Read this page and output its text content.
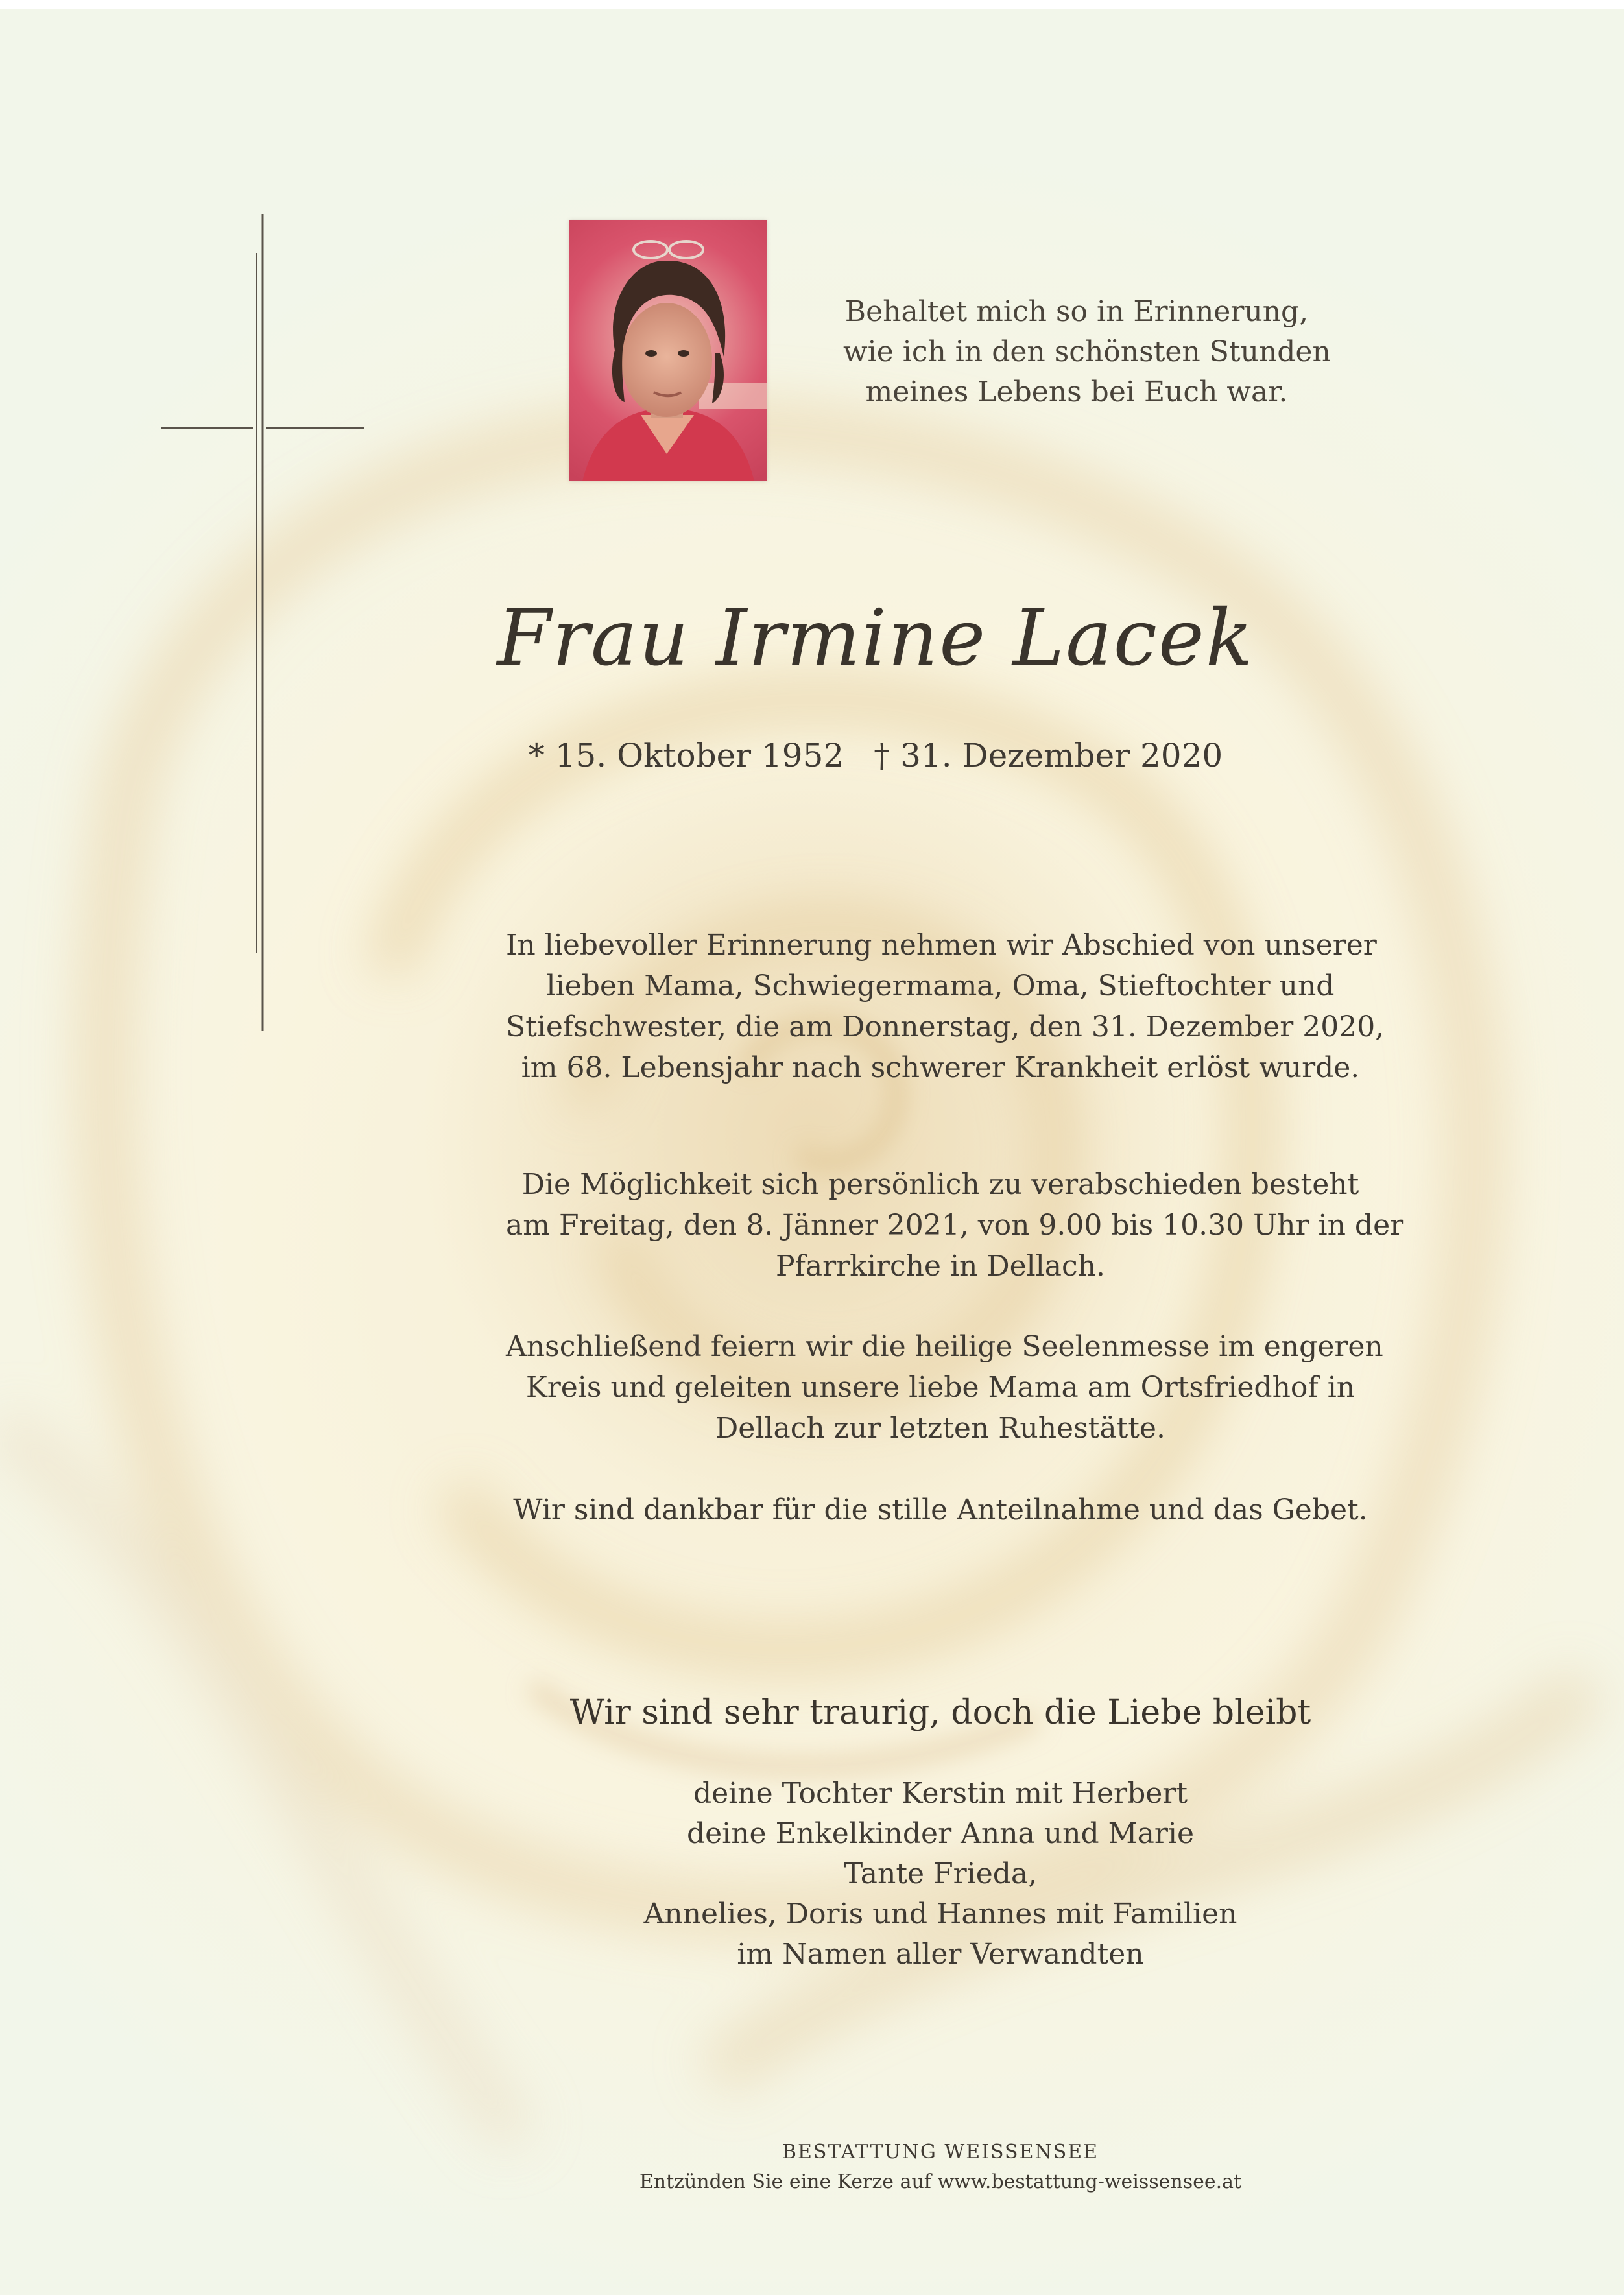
Behaltet mich so in Erinnerung,
wie ich in den schönsten Stunden
meines Lebens bei Euch war.
Frau Irmine Lacek
* 15. Oktober 1952 † 31. Dezember 2020
In liebevoller Erinnerung nehmen wir Abschied von unserer
lieben Mama, Schwiegermama, Oma, Stieftochter und
Stiefschwester, die am Donnerstag, den 31. Dezember 2020,
im 68. Lebensjahr nach schwerer Krankheit erlöst wurde.
Die Möglichkeit sich persönlich zu verabschieden besteht
am Freitag, den 8. Jänner 2021, von 9.00 bis 10.30 Uhr in der
Pfarrkirche in Dellach.
Anschließend feiern wir die heilige Seelenmesse im engeren
Kreis und geleiten unsere liebe Mama am Ortsfriedhof in
Dellach zur letzten Ruhestätte.
Wir sind dankbar für die stille Anteilnahme und das Gebet.
Wir sind sehr traurig, doch die Liebe bleibt
deine Tochter Kerstin mit Herbert
deine Enkelkinder Anna und Marie
Tante Frieda,
Annelies, Doris und Hannes mit Familien
im Namen aller Verwandten
BESTATTUNG WEISSENSEE
Entzünden Sie eine Kerze auf www.bestattung-weissensee.at
